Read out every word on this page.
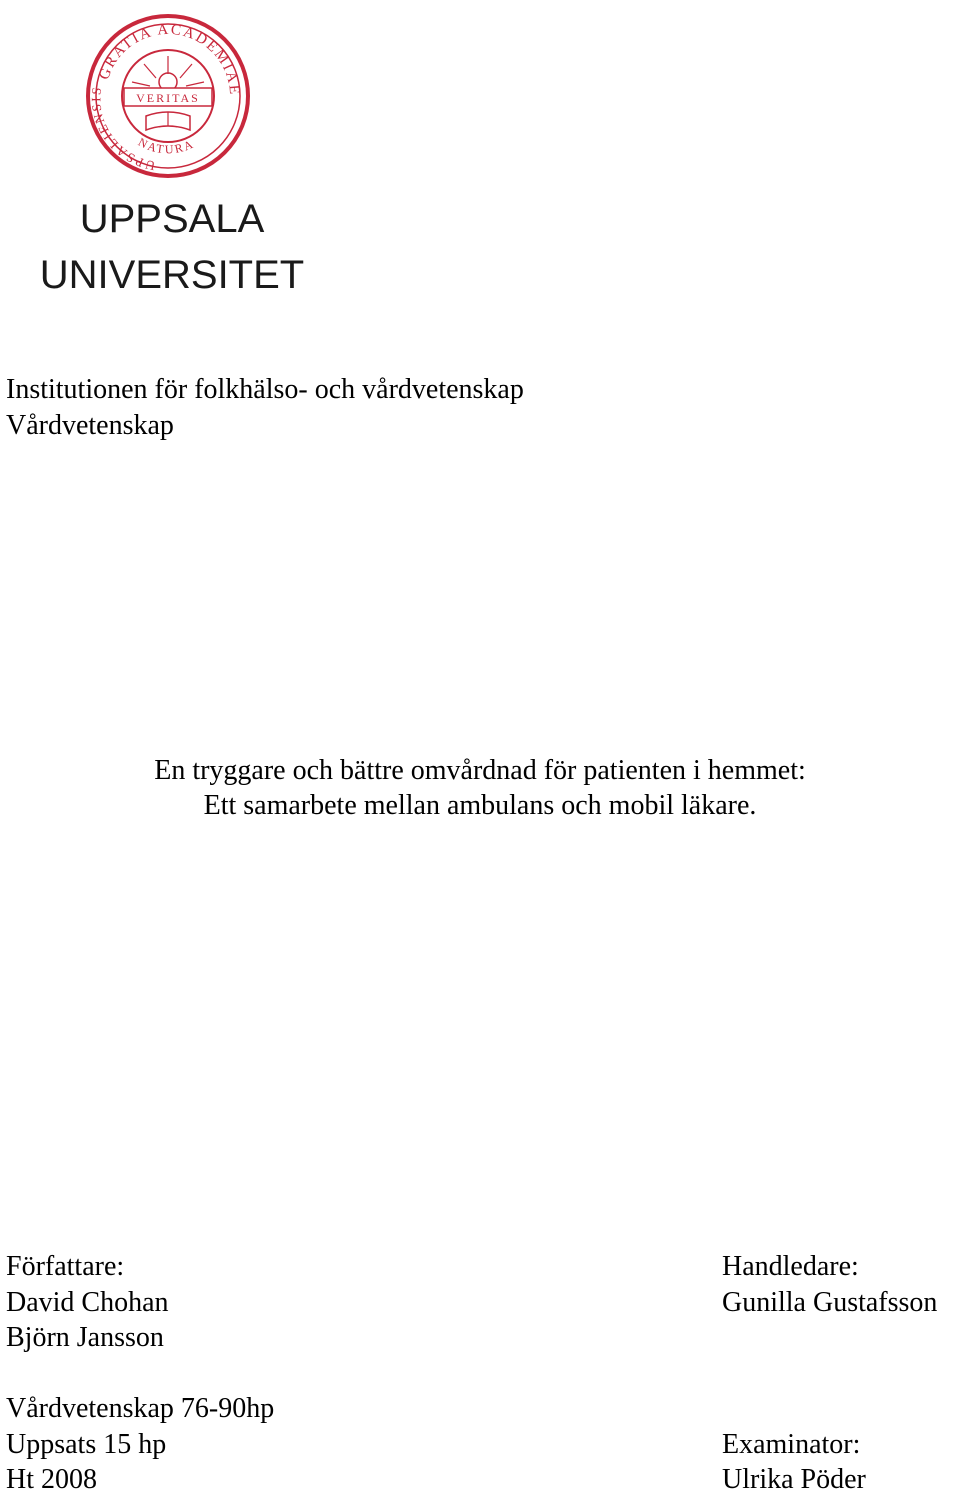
GRATIA ACADEMIAE
UPSALIENSIS
VERITAS
NATURA
UPPSALA
UNIVERSITET
Institutionen för folkhälso- och vårdvetenskap
Vårdvetenskap
En tryggare och bättre omvårdnad för patienten i hemmet:
Ett samarbete mellan ambulans och mobil läkare.
Författare:
David Chohan
Björn Jansson
Handledare:
Gunilla Gustafsson
Vårdvetenskap 76-90hp
Uppsats 15 hp
Ht 2008
Examinator:
Ulrika Pöder
